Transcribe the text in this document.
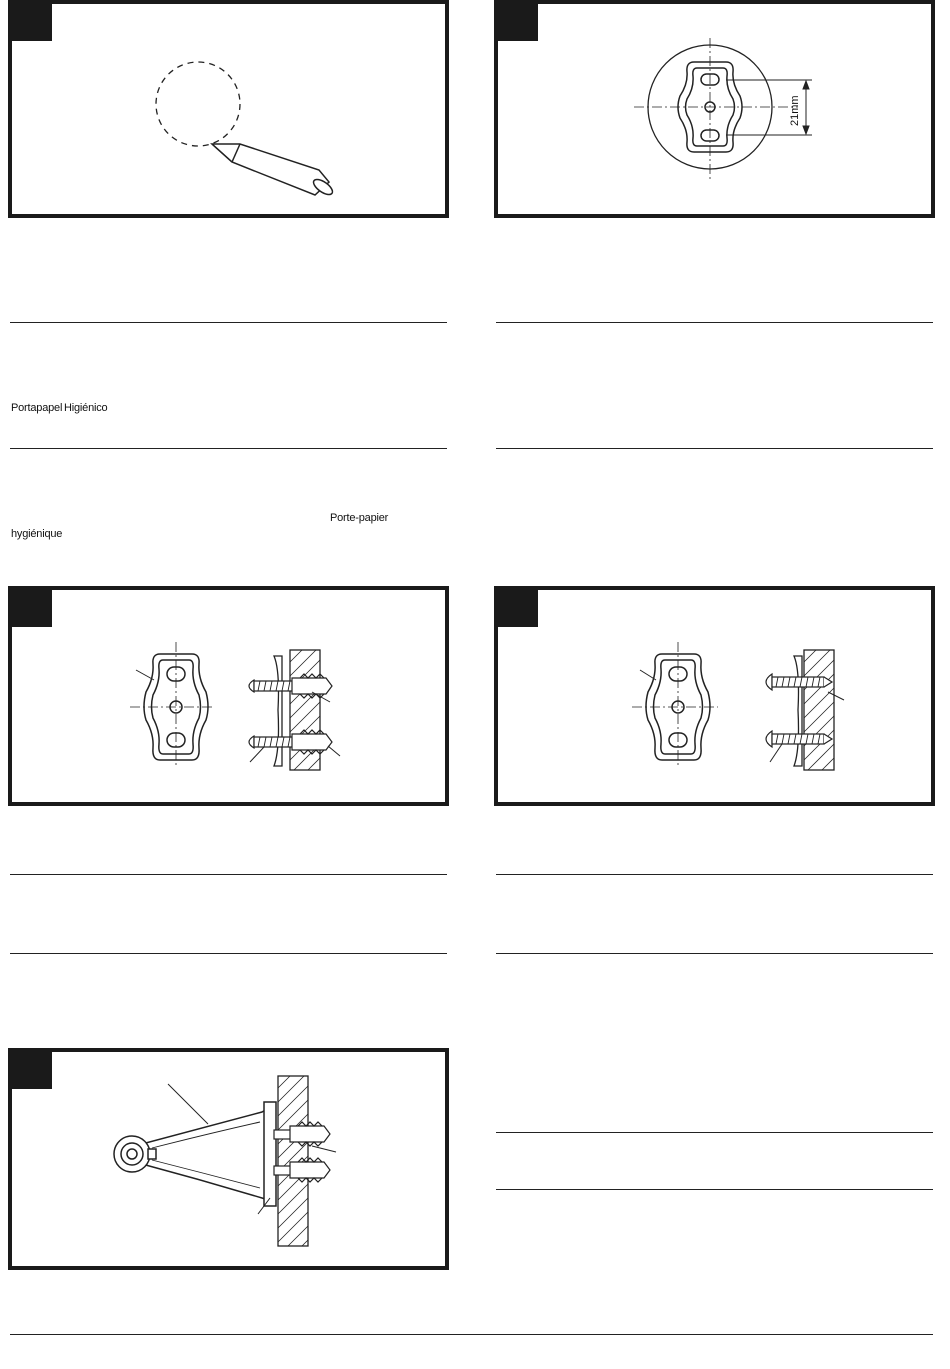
21mm
Portapapel Higiénico
Porte-papier
hygiénique
